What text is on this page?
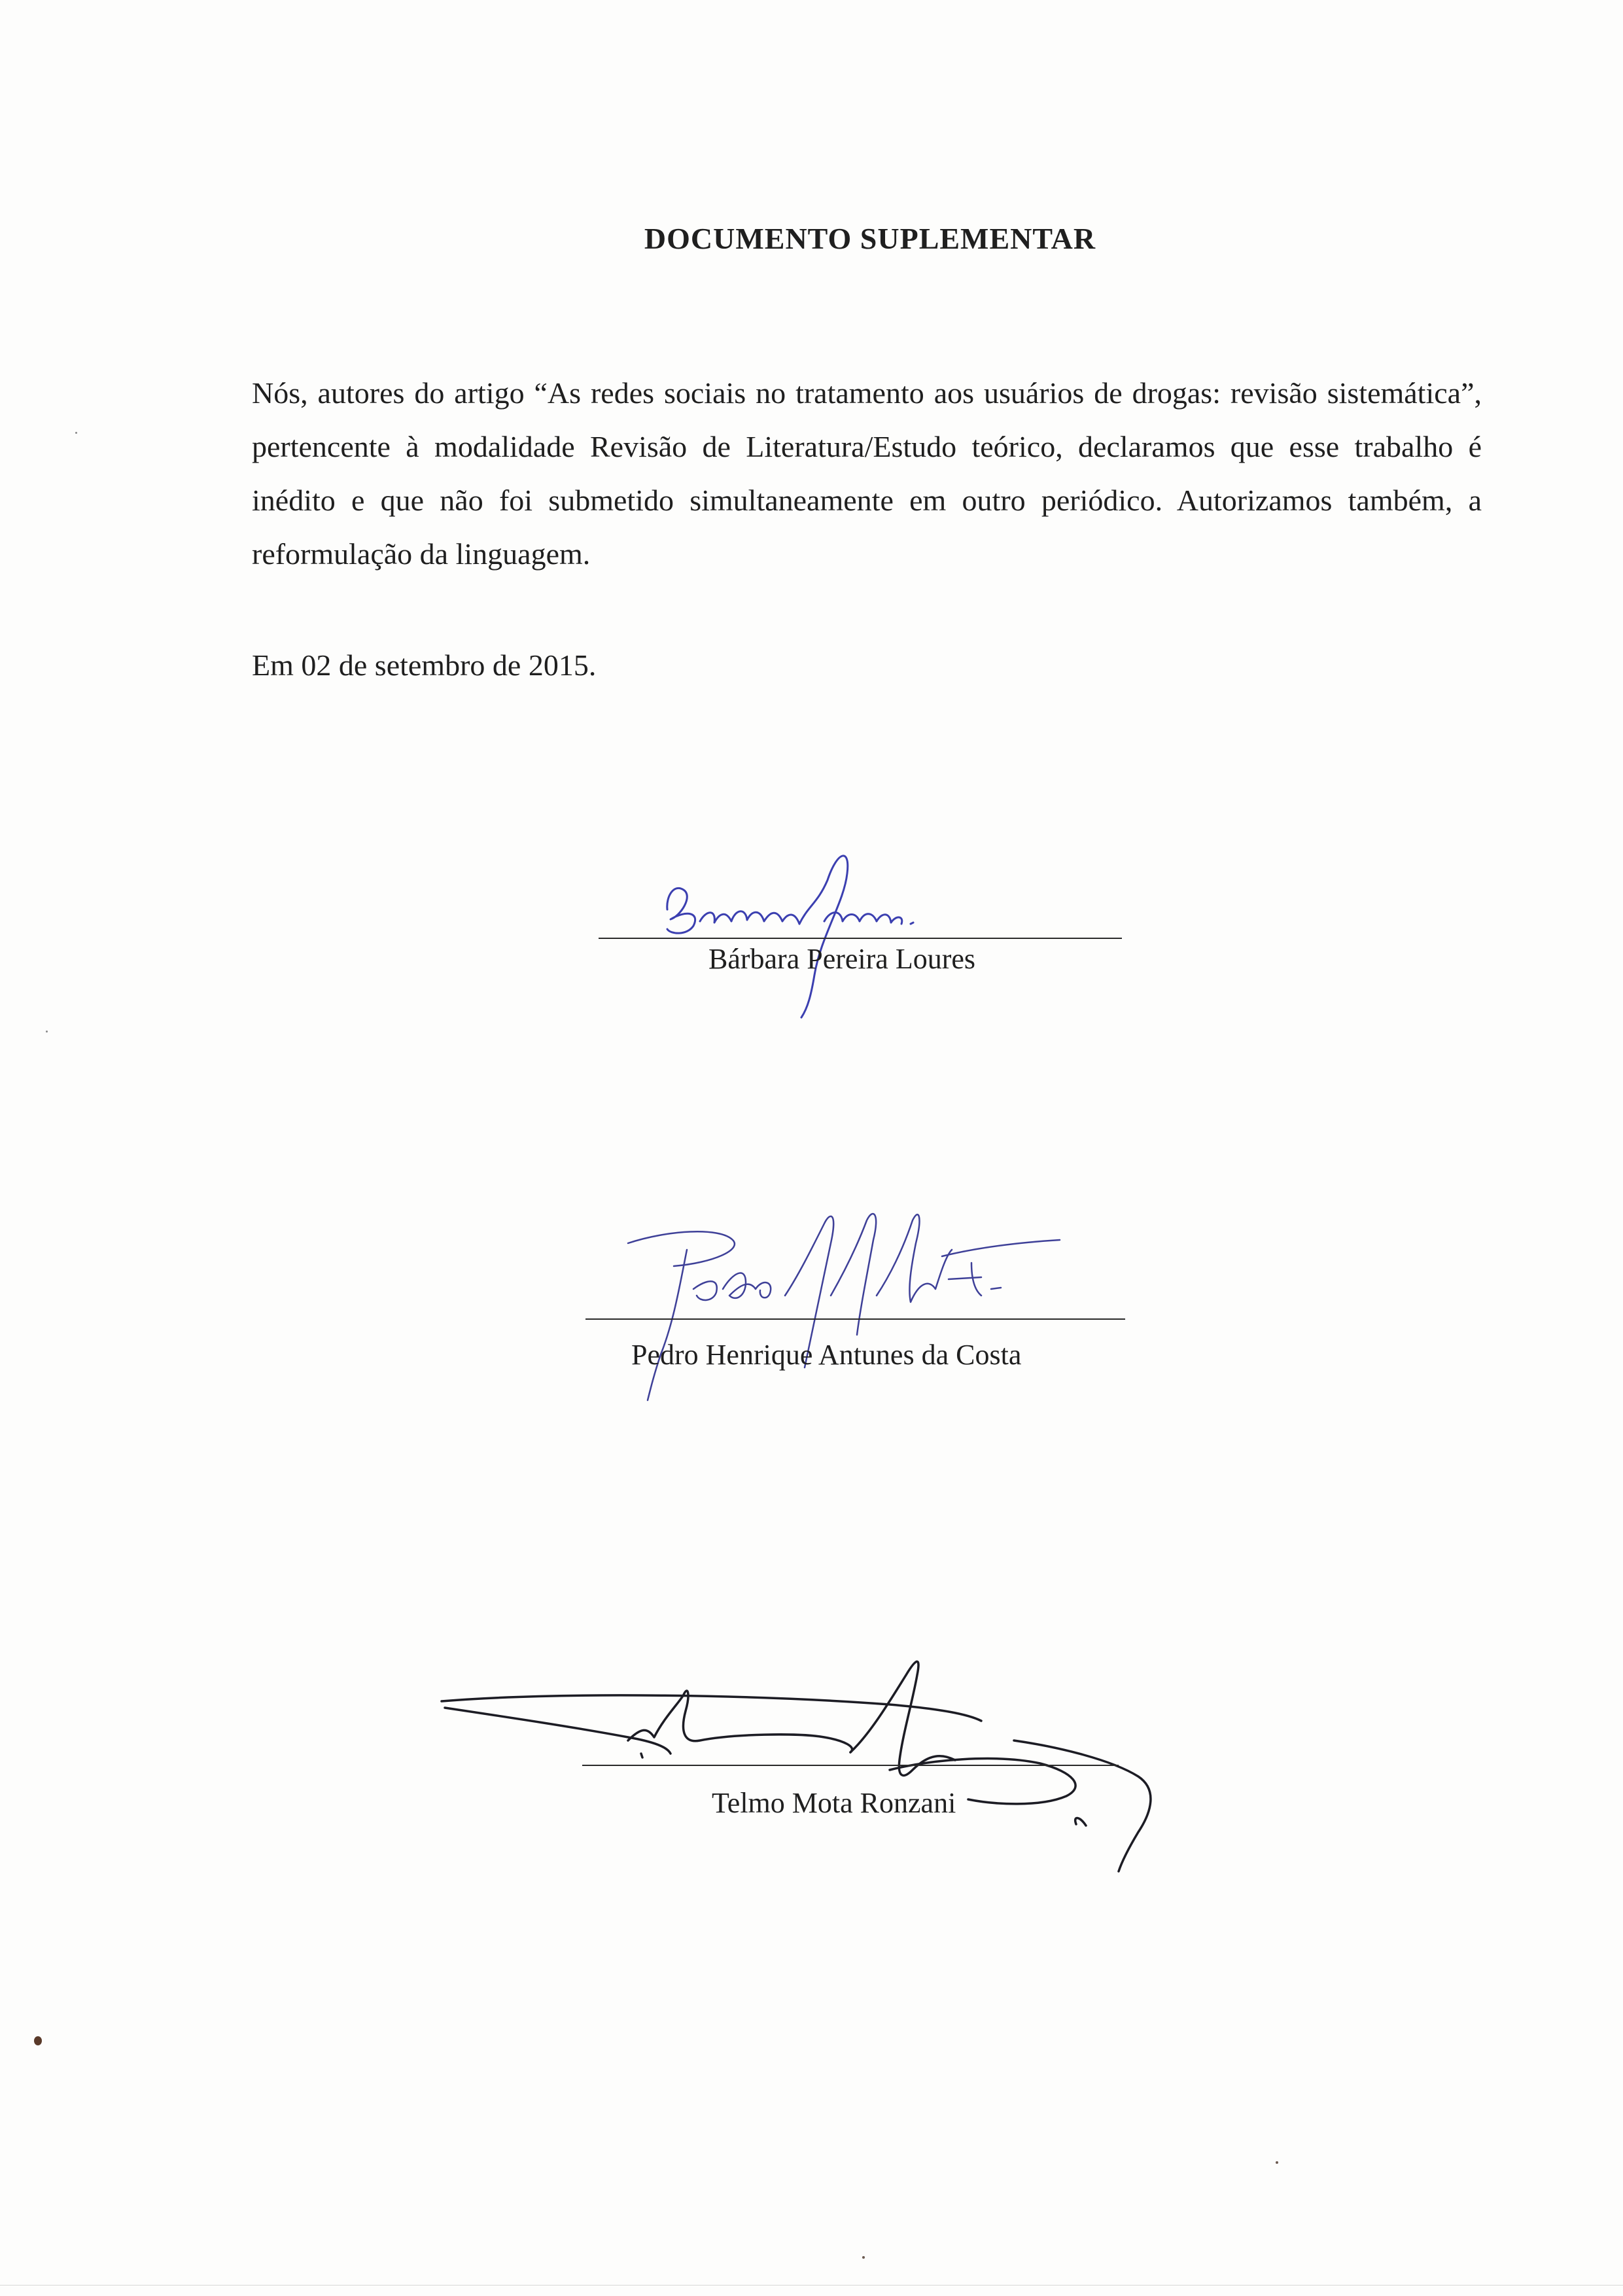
DOCUMENTO SUPLEMENTAR

Nós, autores do artigo “As redes sociais no tratamento aos usuários de drogas: revisão sistemática”, pertencente à modalidade Revisão de Literatura/Estudo teórico, declaramos que esse trabalho é inédito e que não foi submetido simultaneamente em outro periódico. Autorizamos também, a reformulação da linguagem.

Em 02 de setembro de 2015.

Bárbara Pereira Loures
Pedro Henrique Antunes da Costa
Telmo Mota Ronzani
